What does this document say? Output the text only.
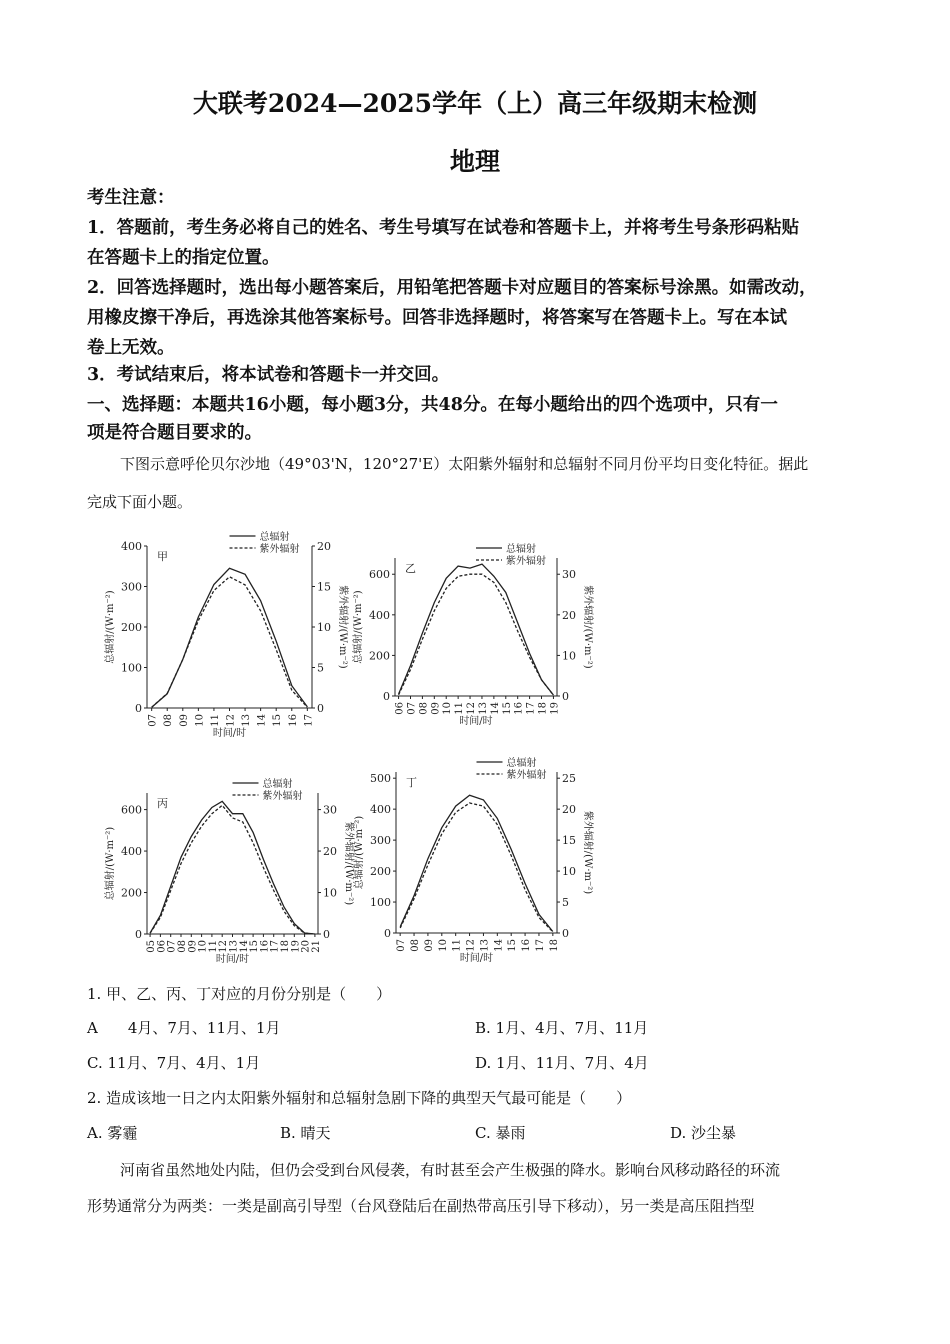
大联考2024—2025学年（上）高三年级期末检测
地理
考生注意：
1．答题前，考生务必将自己的姓名、考生号填写在试卷和答题卡上，并将考生号条形码粘贴
在答题卡上的指定位置。
2．回答选择题时，选出每小题答案后，用铅笔把答题卡对应题目的答案标号涂黑。如需改动，
用橡皮擦干净后，再选涂其他答案标号。回答非选择题时，将答案写在答题卡上。写在本试
卷上无效。
3．考试结束后，将本试卷和答题卡一并交回。
一、选择题：本题共16小题，每小题3分，共48分。在每小题给出的四个选项中，只有一
项是符合题目要求的。
下图示意呼伦贝尔沙地（49°03'N，120°27'E）太阳紫外辐射和总辐射不同月份平均日变化特征。据此
完成下面小题。
0
100
200
300
400
0
5
10
15
20
07 08 09 10 11 12 13 14 15 16 17
时间/时
总辐射/(W·m⁻²)	紫外辐射/(W·m⁻²)
甲
总辐射
紫外辐射
0
200
400
600
0
10
20
30
06 07 08 09 10 11 12 13 14 15 16 17 18 19
时间/时
总辐射/(W·m⁻²)	紫外辐射/(W·m⁻²)
乙
总辐射
紫外辐射
0
200
400
600
0
10
20
30
05 06 07 08 09 10 11 12 13 14 15 16 17 18 19 20 21
时间/时
总辐射/(W·m⁻²)	紫外辐射/(W·m⁻²)
丙
总辐射
紫外辐射
0
100
200
300
400
500
0
5
10
15
20
25
07 08 09 10 11 12 13 14 15 16 17 18
时间/时
总辐射/(W·m⁻²)	紫外辐射/(W·m⁻²)
丁
总辐射
紫外辐射
1. 甲、乙、丙、丁对应的月份分别是（　　）
A　　4月、7月、11月、1月	B. 1月、4月、7月、11月
C. 11月、7月、4月、1月	D. 1月、11月、7月、4月
2. 造成该地一日之内太阳紫外辐射和总辐射急剧下降的典型天气最可能是（　　）
A. 雾霾	B. 晴天	C. 暴雨	D. 沙尘暴
河南省虽然地处内陆，但仍会受到台风侵袭，有时甚至会产生极强的降水。影响台风移动路径的环流
形势通常分为两类：一类是副高引导型（台风登陆后在副热带高压引导下移动），另一类是高压阻挡型
